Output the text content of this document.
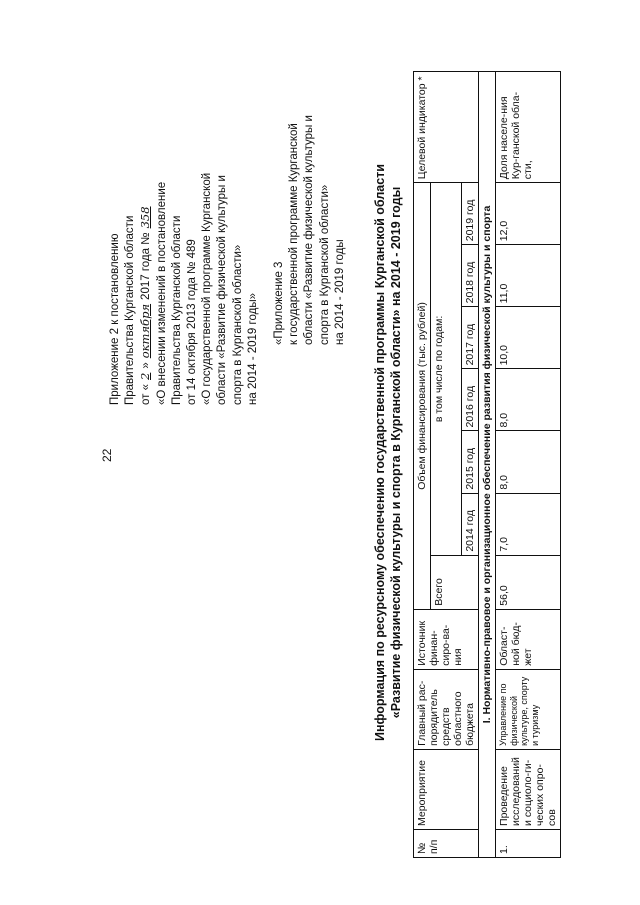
22
Приложение 2 к постановлению Правительства Курганской области от «2»октября2017 года №358 «О внесении изменений в постановление Правительства Курганской области от 14 октября 2013 года № 489 «О государственной программе Курганской области «Развитие физической культуры и спорта в Курганской области» на 2014 - 2019 годы» «Приложение 3 к государственной программе Курганской области «Развитие физической культуры и спорта в Курганской области» на 2014 - 2019 годы Информация по ресурсному обеспечению государственной программы Курганской области «Развитие физической культуры и спорта в Курганской области» на 2014 - 2019 годы
№ п/п	Мероприятие	Главный рас-порядитель средств областного бюджета	Источник финан-сиро-ва-ния	Объем финансирования (тыс. рублей)							Целевой индикатор *
				Всего	в том числе по годам:						
					2014 год	2015 год	2016 год	2017 год	2018 год	2019 год	
I. Нормативно-правовое и организационное обеспечение развития физической культуры и спорта											
1.	Проведение исследований и социоло-ги-ческих опро-сов	Управление по физической культуре, спорту и туризму	Област-ной бюд-жет	56,0	7,0	8,0	8,0	10,0	11,0	12,0	Доля населе-ния Кур-ганской обла-сти,
